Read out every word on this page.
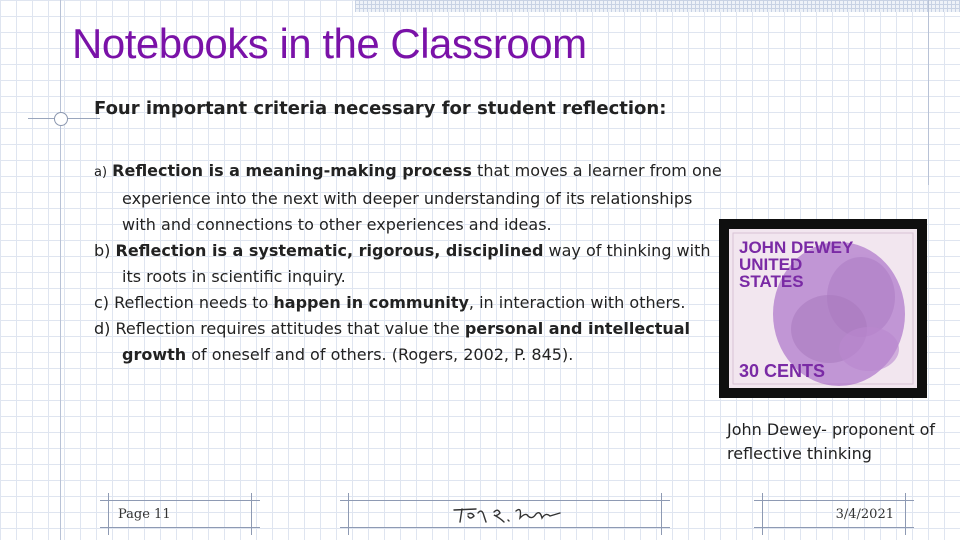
Notebooks in the Classroom

Four important criteria necessary for student reflection:

a) Reflection is a meaning-making process that moves a learner from one experience into the next with deeper understanding of its relationships with and connections to other experiences and ideas.

b) Reflection is a systematic, rigorous, disciplined way of thinking with its roots in scientific inquiry.

c) Reflection needs to happen in community, in interaction with others.

d) Reflection requires attitudes that value the personal and intellectual growth of oneself and of others. (Rogers, 2002, P. 845).

JOHN DEWEY
UNITED
STATES
30 CENTS

John Dewey- proponent of reflective thinking

Page 11	3/4/2021
